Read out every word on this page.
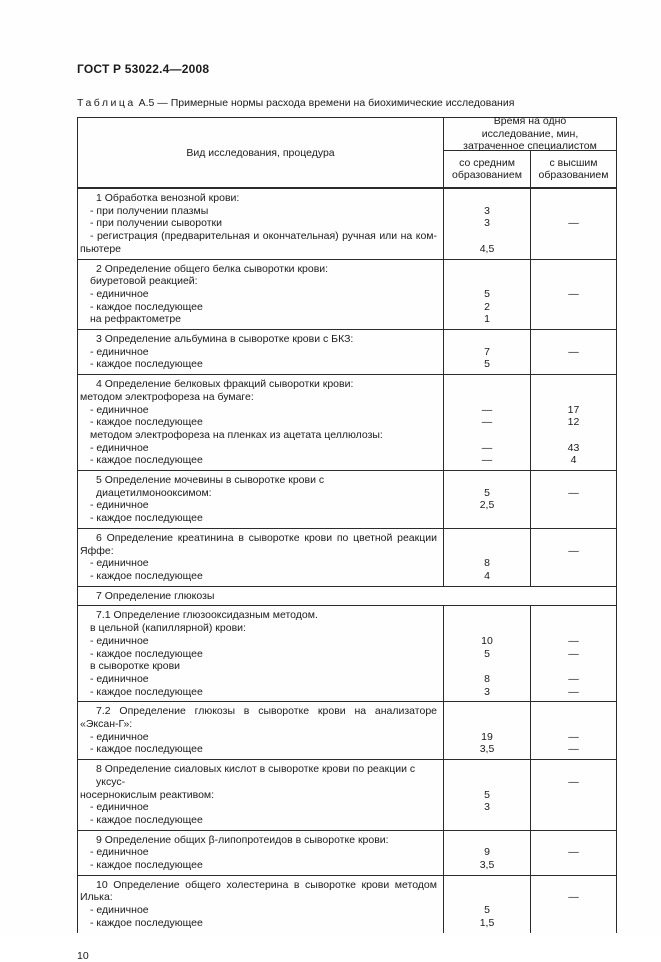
ГОСТ Р 53022.4—2008
Таблица А.5 — Примерные нормы расхода времени на биохимические исследования
Вид исследования, процедура
Время на одно исследование, мин, затраченное специалистом
со средним образованием
с высшим образованием
1 Обработка венозной крови:
- при получении плазмы
- при получении сыворотки
- регистрация (предварительная и окончательная) ручная или на ком-
пьютере

3
3

4,5

—

2 Определение общего белка сыворотки крови:
биуретовой реакцией:
- единичное
- каждое последующее
на рефрактометре

5
2
1

—

3 Определение альбумина в сыворотке крови с БКЗ:
- единичное
- каждое последующее

7
5

—

4 Определение белковых фракций сыворотки крови:
методом электрофореза на бумаге:
- единичное
- каждое последующее
методом электрофореза на пленках из ацетата целлюлозы:
- единичное
- каждое последующее

—
—

—
—

17
12

43
4
5 Определение мочевины в сыворотке крови с диацетилмонооксимом:
- единичное
- каждое последующее

5
2,5

—

6 Определение креатинина в сыворотке крови по цветной реакции
Яффе:
- единичное
- каждое последующее

8
4

—

7 Определение глюкозы
7.1 Определение глюзооксидазным методом.
в цельной (капиллярной) крови:
- единичное
- каждое последующее
в сыворотке крови
- единичное
- каждое последующее

10
5

8
3

—
—

—
—
7.2 Определение глюкозы в сыворотке крови на анализаторе
«Эксан-Г»:
- единичное
- каждое последующее

19
3,5

—
—
8 Определение сиаловых кислот в сыворотке крови по реакции с уксус-
носернокислым реактивом:
- единичное
- каждое последующее

5
3

—

9 Определение общих β-липопротеидов в сыворотке крови:
- единичное
- каждое последующее

9
3,5

—

10 Определение общего холестерина в сыворотке крови методом
Илька:
- единичное
- каждое последующее

5
1,5

—

10
